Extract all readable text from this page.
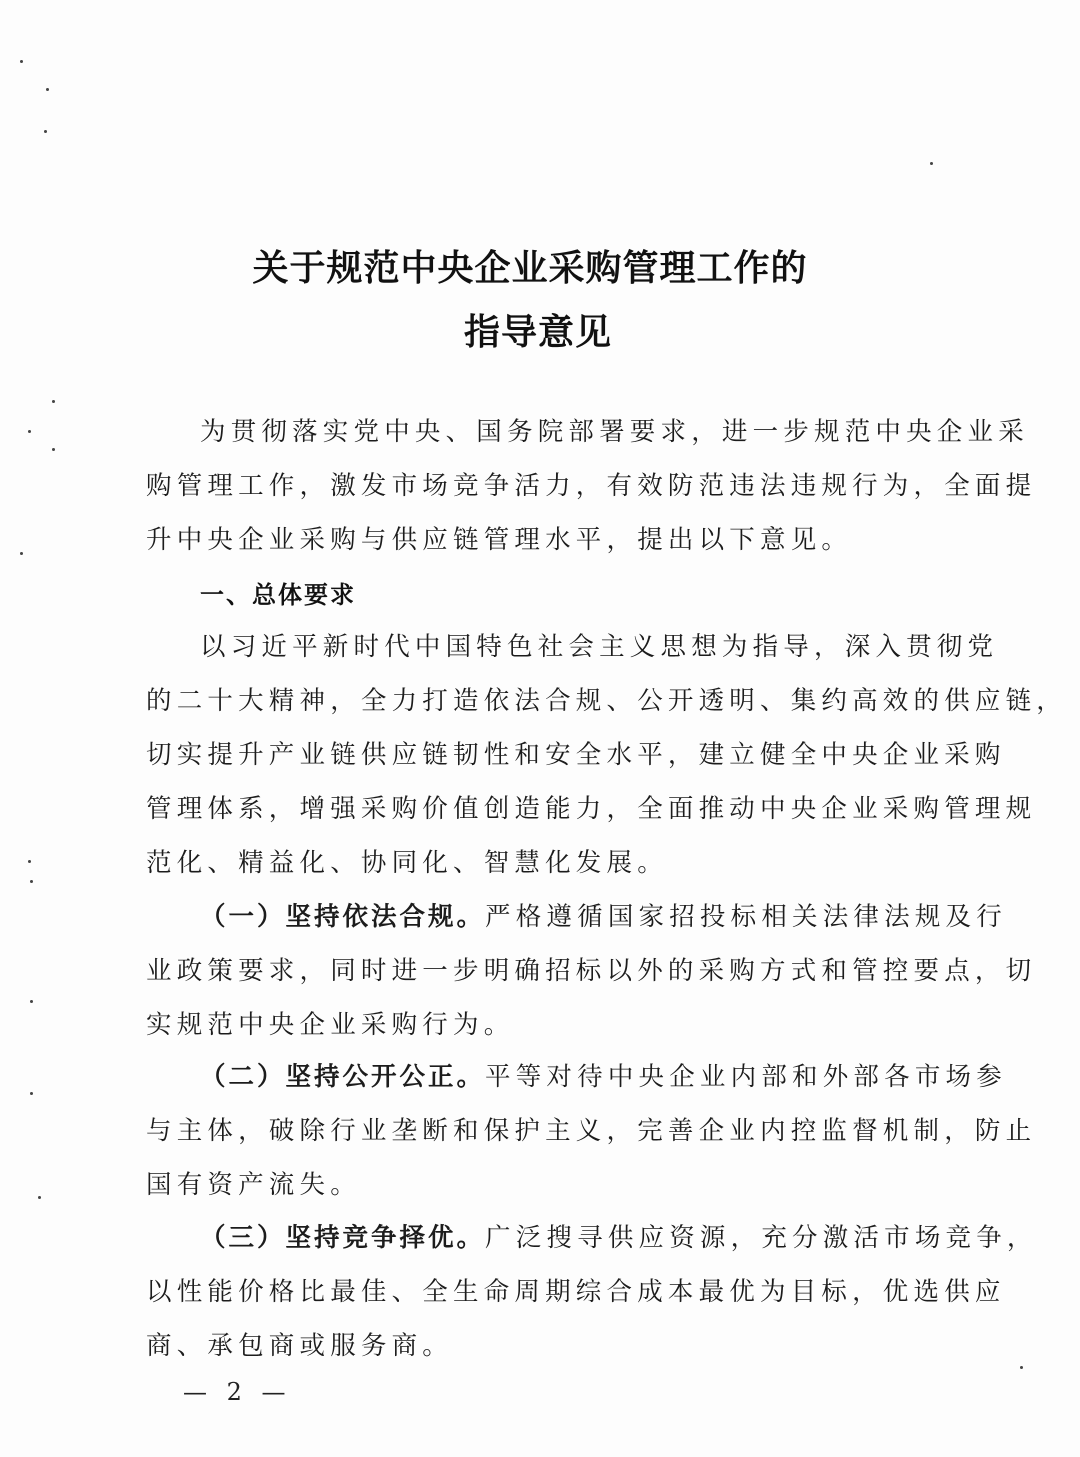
关于规范中央企业采购管理工作的
指导意见
为贯彻落实党中央、国务院部署要求，进一步规范中央企业采
购管理工作，激发市场竞争活力，有效防范违法违规行为，全面提
升中央企业采购与供应链管理水平，提出以下意见。
一、总体要求
以习近平新时代中国特色社会主义思想为指导，深入贯彻党
的二十大精神，全力打造依法合规、公开透明、集约高效的供应链，
切实提升产业链供应链韧性和安全水平，建立健全中央企业采购
管理体系，增强采购价值创造能力，全面推动中央企业采购管理规
范化、精益化、协同化、智慧化发展。
（一）坚持依法合规。严格遵循国家招投标相关法律法规及行
业政策要求，同时进一步明确招标以外的采购方式和管控要点，切
实规范中央企业采购行为。
（二）坚持公开公正。平等对待中央企业内部和外部各市场参
与主体，破除行业垄断和保护主义，完善企业内控监督机制，防止
国有资产流失。
（三）坚持竞争择优。广泛搜寻供应资源，充分激活市场竞争，
以性能价格比最佳、全生命周期综合成本最优为目标，优选供应
商、承包商或服务商。
— 2 —
